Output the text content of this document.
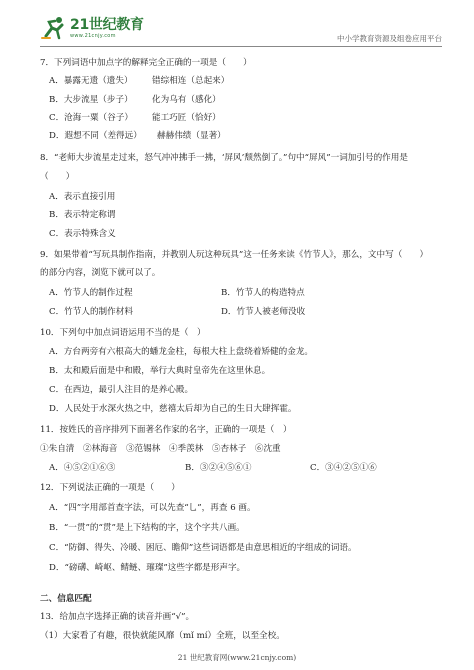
21世纪教育
www.21cnjy.com	中小学教育资源及组卷应用平台
7．下列词语中加点字的解释完全正确的一项是（　　）
A．暴露无遗（遗失） 错综相连（总起来）
B．大步流星（步子） 化为乌有（感化）
C．沧海一粟（谷子） 能工巧匠（恰好）
D．遐想不同（差得远） 赫赫伟绩（显著）
8．“老师大步流星走过来，怒气冲冲拂手一拂，‘屏风’颓然倒了。”句中“屏风”一词加引号的作用是
（　　）
A．表示直接引用
B．表示特定称谓
C．表示特殊含义
9．如果带着“写玩具制作指南，并教别人玩这种玩具”这一任务来读《竹节人》，那么，文中写（　　）
的部分内容，浏览下就可以了。
A．竹节人的制作过程	B．竹节人的构造特点
C．竹节人的制作材料	D．竹节人被老师没收
10．下列句中加点词语运用不当的是（　）
A．方台两旁有六根高大的蟠龙金柱，每根大柱上盘绕着矫健的金龙。
B．太和殿后面是中和殿，举行大典时皇帝先在这里休息。
C．在西边，最引人注目的是养心殿。
D．人民处于水深火热之中，慈禧太后却为自己的生日大肆挥霍。
11．按姓氏的音序排列下面著名作家的名字，正确的一项是（　）
①朱自清　②林海音　③范锡林　④季羡林　⑤杏林子　⑥沈重
A．④⑤②①⑥③	B．③②④⑤⑥①	C．③④②⑤①⑥
12．下列说法正确的一项是（　　）
A．“四”字用部首查字法，可以先查“乚”，再查 6 画。
B．“一贯”的“贯”是上下结构的字，这个字共八画。
C．“防御、得失、冷暖、困厄、瞻仰”这些词语都是由意思相近的字组成的词语。
D．“磅礴、崎岖、鲭鲢、璀璨”这些字都是形声字。
二、信息匹配
13．给加点字选择正确的读音并画“√”。
（1）大家看了有趣，很快就能风靡（mǐ mí）全班，以至全校。
21 世纪教育网(www.21cnjy.com)
